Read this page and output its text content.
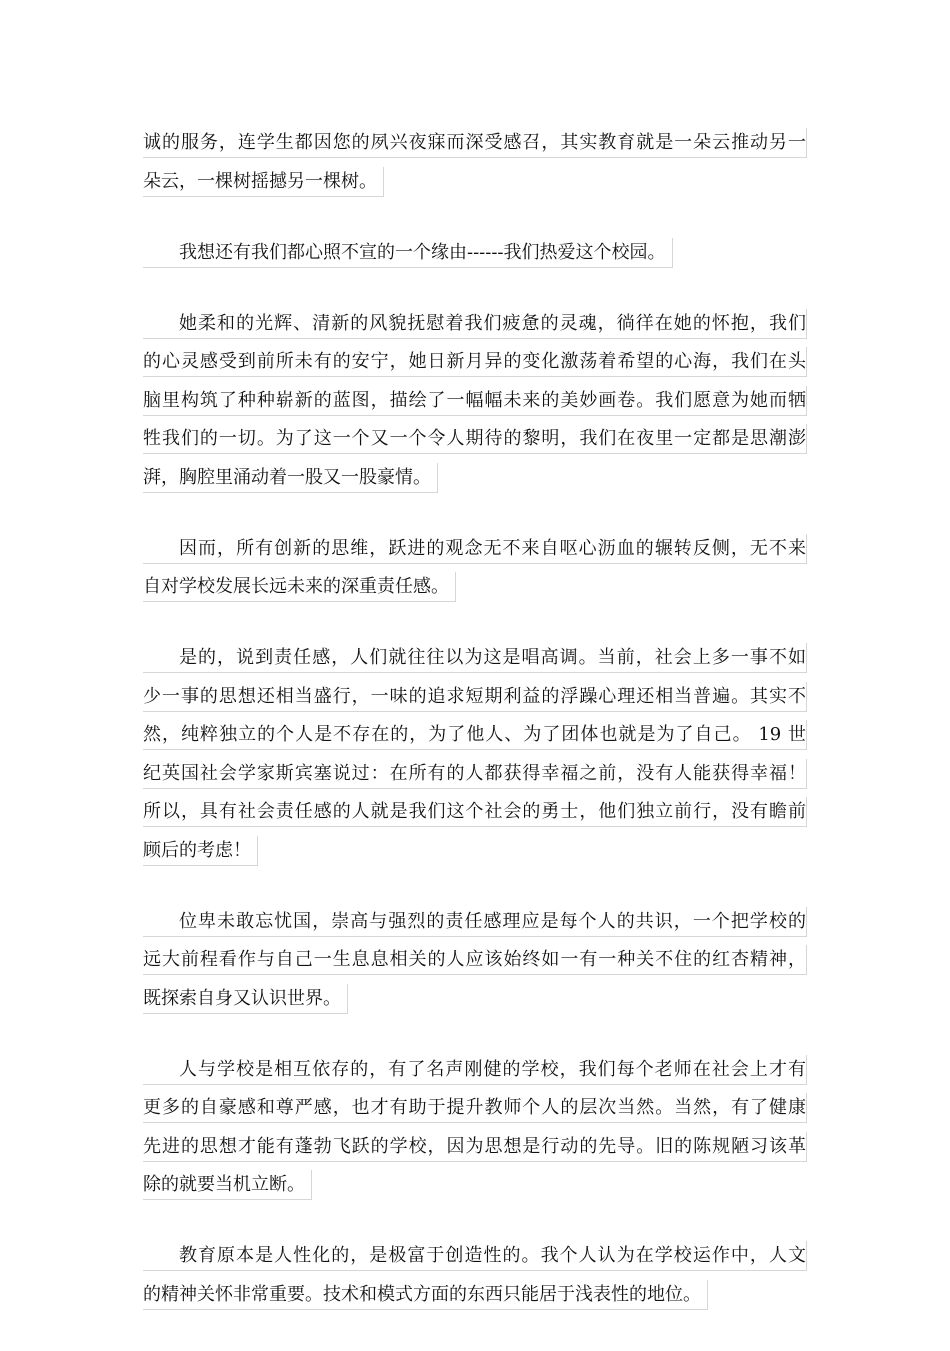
诚的服务，连学生都因您的夙兴夜寐而深受感召，其实教育就是一朵云推动另一
朵云，一棵树摇撼另一棵树。

我想还有我们都心照不宣的一个缘由------我们热爱这个校园。

她柔和的光辉、清新的风貌抚慰着我们疲惫的灵魂，徜徉在她的怀抱，我们
的心灵感受到前所未有的安宁，她日新月异的变化激荡着希望的心海，我们在头
脑里构筑了种种崭新的蓝图，描绘了一幅幅未来的美妙画卷。我们愿意为她而牺
牲我们的一切。为了这一个又一个令人期待的黎明，我们在夜里一定都是思潮澎
湃，胸腔里涌动着一股又一股豪情。

因而，所有创新的思维，跃进的观念无不来自呕心沥血的辗转反侧，无不来
自对学校发展长远未来的深重责任感。

是的，说到责任感，人们就往往以为这是唱高调。当前，社会上多一事不如
少一事的思想还相当盛行，一味的追求短期利益的浮躁心理还相当普遍。其实不
然，纯粹独立的个人是不存在的，为了他人、为了团体也就是为了自己。 19 世
纪英国社会学家斯宾塞说过：在所有的人都获得幸福之前，没有人能获得幸福！
所以，具有社会责任感的人就是我们这个社会的勇士，他们独立前行，没有瞻前
顾后的考虑！

位卑未敢忘忧国，崇高与强烈的责任感理应是每个人的共识，一个把学校的
远大前程看作与自己一生息息相关的人应该始终如一有一种关不住的红杏精神，
既探索自身又认识世界。

人与学校是相互依存的，有了名声刚健的学校，我们每个老师在社会上才有
更多的自豪感和尊严感，也才有助于提升教师个人的层次当然。当然，有了健康
先进的思想才能有蓬勃飞跃的学校，因为思想是行动的先导。旧的陈规陋习该革
除的就要当机立断。

教育原本是人性化的，是极富于创造性的。我个人认为在学校运作中，人文
的精神关怀非常重要。技术和模式方面的东西只能居于浅表性的地位。
